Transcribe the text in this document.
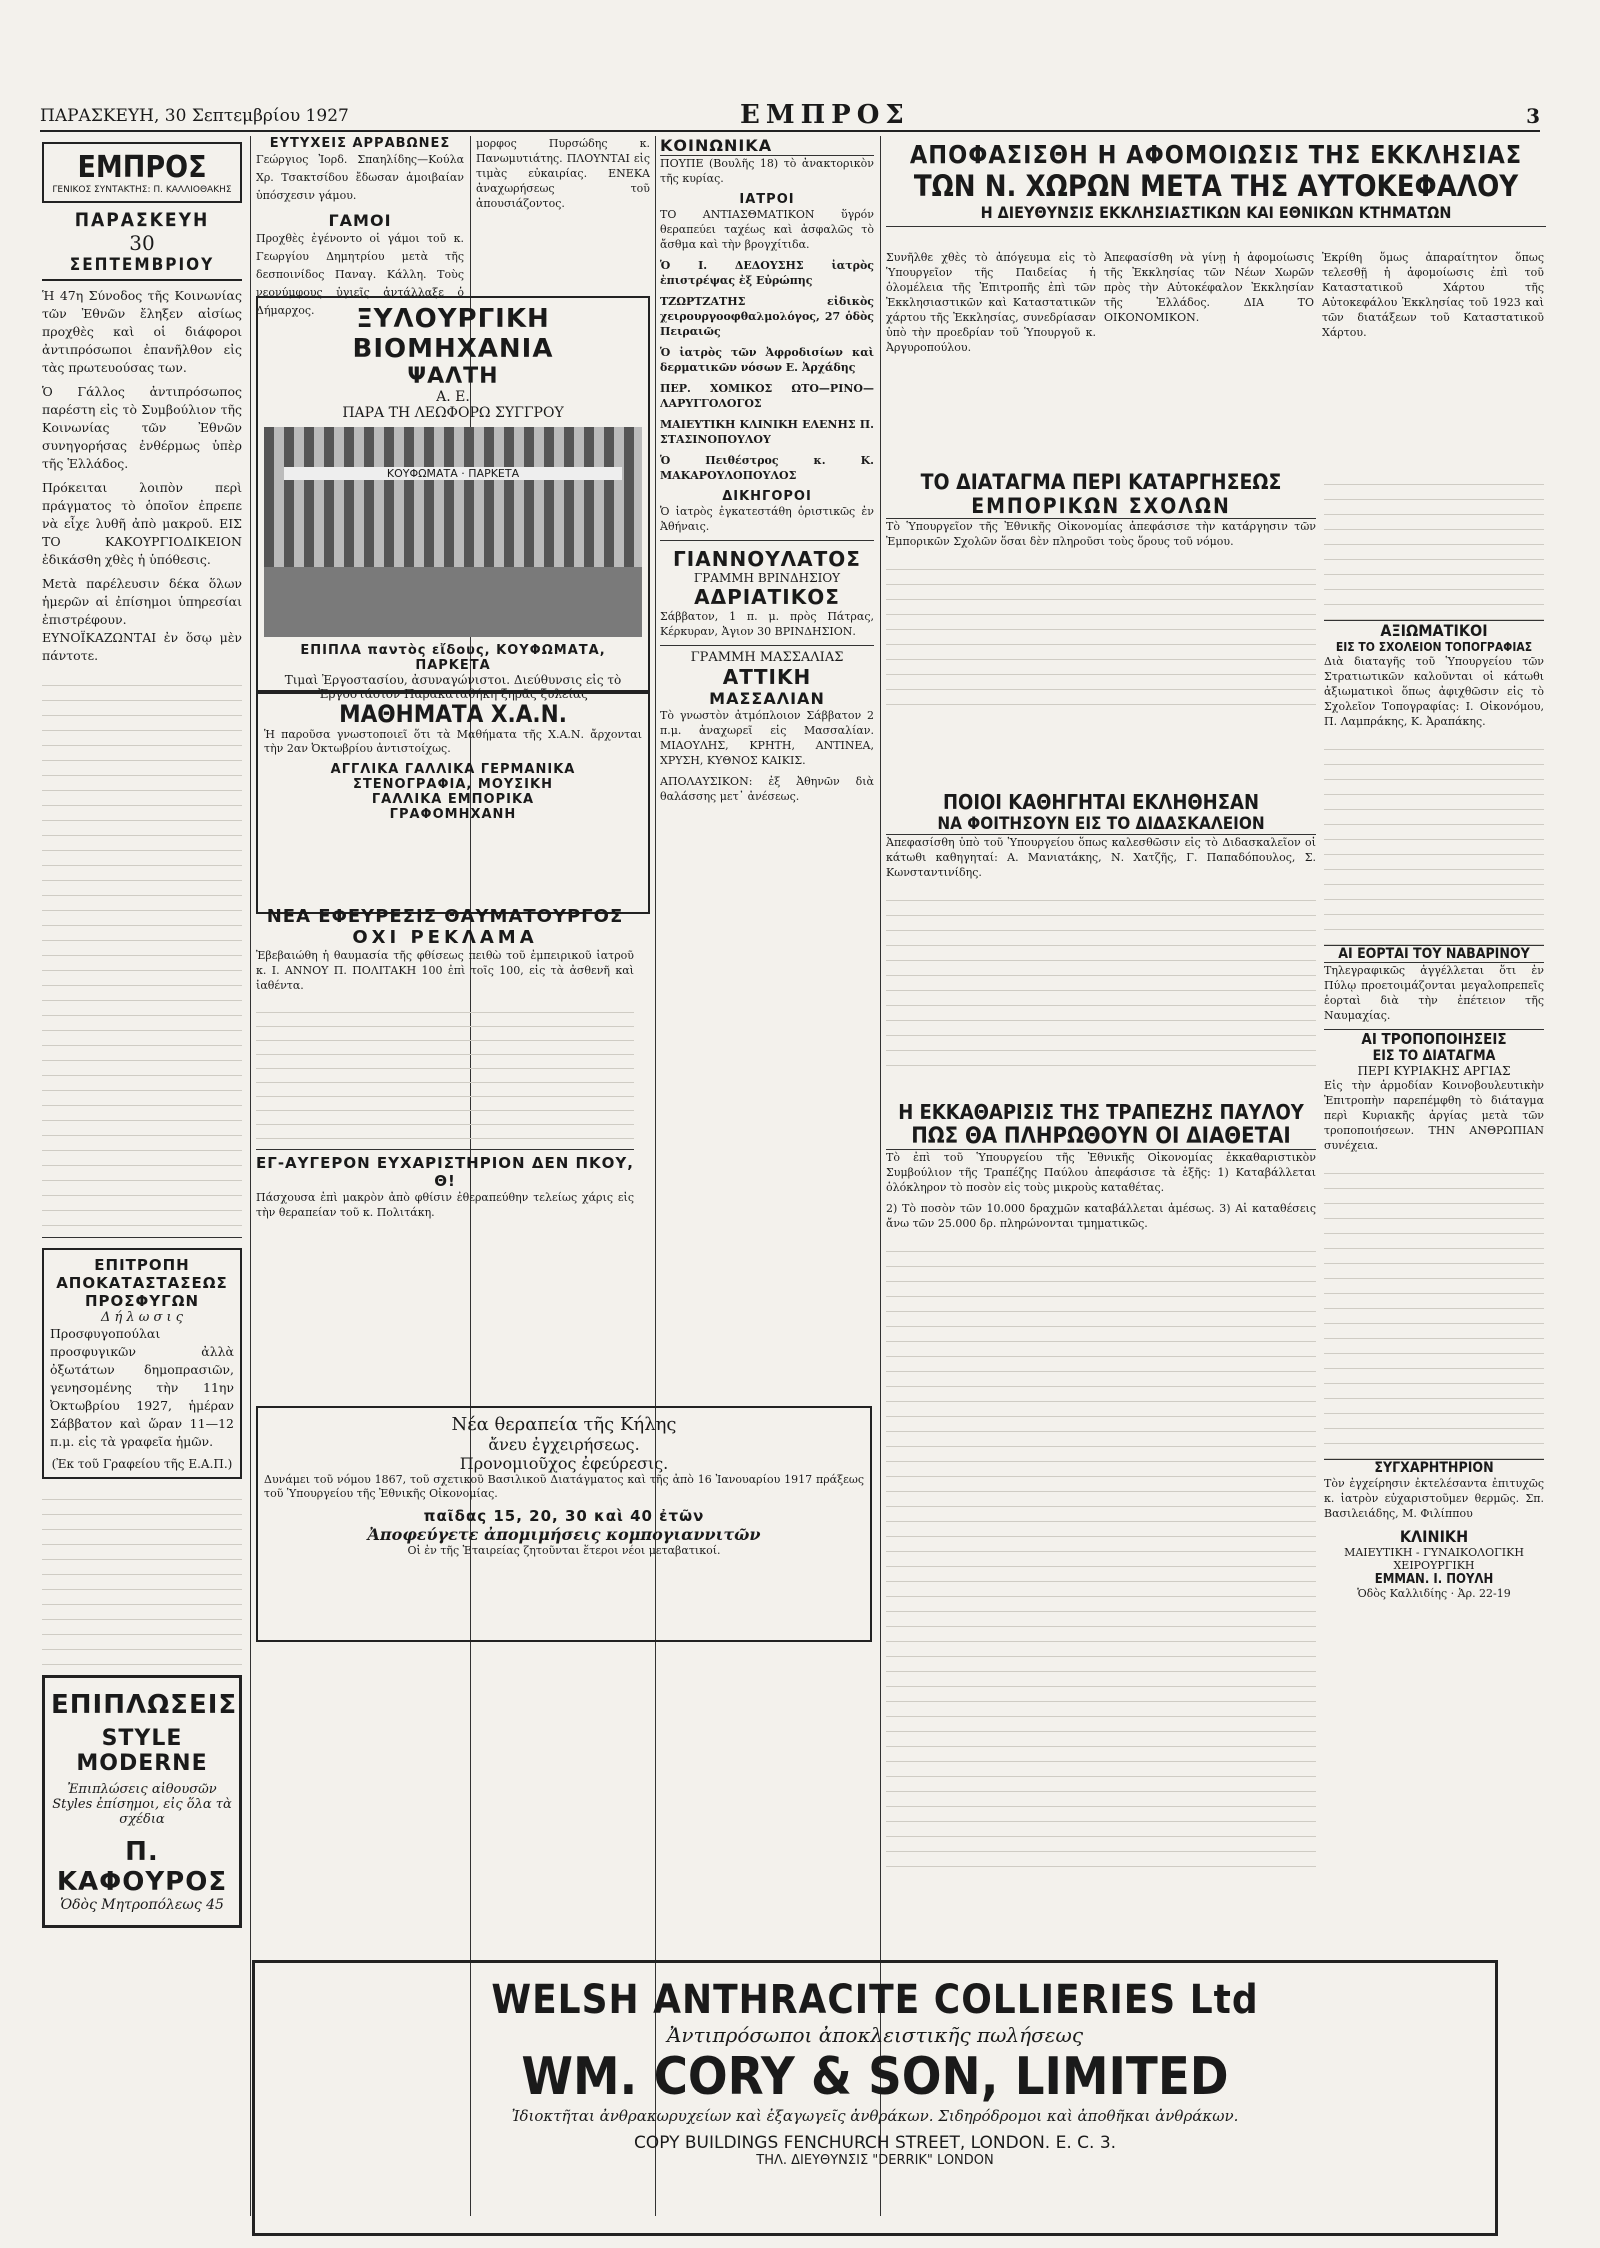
ΠΑΡΑΣΚΕΥΗ, 30 Σεπτεμβρίου 1927	ΕΜΠΡΟΣ	3
ΕΜΠΡΟΣ
ΓΕΝΙΚΟΣ ΣΥΝΤΑΚΤΗΣ: Π. ΚΑΛΛΙΟΘΑΚΗΣ
ΠΑΡΑΣΚΕΥΗ
30
ΣΕΠΤΕΜΒΡΙΟΥ

Ἡ 47η Σύνοδος τῆς Κοινωνίας τῶν Ἐθνῶν ἔληξεν αἰσίως προχθὲς καὶ οἱ διάφοροι ἀντιπρόσωποι ἐπανῆλθον εἰς τὰς πρωτευούσας των.

Ὁ Γάλλος ἀντιπρόσωπος παρέστη εἰς τὸ Συμβούλιον τῆς Κοινωνίας τῶν Ἐθνῶν συνηγορήσας ἐνθέρμως ὑπὲρ τῆς Ἑλλάδος.

Πρόκειται λοιπὸν περὶ πράγματος τὸ ὁποῖον ἐπρεπε νὰ εἶχε λυθῆ ἀπὸ μακροῦ. ΕΙΣ ΤΟ ΚΑΚΟΥΡΓΙΟΔΙΚΕΙΟΝ ἐδικάσθη χθὲς ἡ ὑπόθεσις.

Μετὰ παρέλευσιν δέκα ὅλων ἡμερῶν αἱ ἐπίσημοι ὑπηρεσίαι ἐπιστρέφουν. ΕΥΝΟΪΚΑΖΩΝΤΑΙ ἐν ὅσῳ μὲν πάντοτε.

ΕΠΙΤΡΟΠΗ ΑΠΟΚΑΤΑΣΤΑΣΕΩΣ ΠΡΟΣΦΥΓΩΝ
Δ ή λ ω σ ι ς

Προσφυγοπούλαι προσφυγικῶν ἀλλὰ ὀξωτάτων δημοπρασιῶν, γενησομένης τὴν 11ην Ὀκτωβρίου 1927, ἡμέραν Σάββατον καὶ ὥραν 11—12 π.μ. εἰς τὰ γραφεῖα ἡμῶν.

(Ἐκ τοῦ Γραφείου τῆς Ε.Α.Π.)
ΕΠΙΠΛΩΣΕΙΣ
STYLE MODERNE
Ἐπιπλώσεις αἰθουσῶν Styles ἐπίσημοι, εἰς ὅλα τὰ σχέδια
Π. ΚΑΦΟΥΡΟΣ
Ὁδὸς Μητροπόλεως 45
ΕΥΤΥΧΕΙΣ ΑΡΡΑΒΩΝΕΣ

Γεώργιος Ἰορδ. Σπαηλίδης—Κούλα Χρ. Τσακτσίδου ἔδωσαν ἀμοιβαίαν ὑπόσχεσιν γάμου.

ΓΑΜΟΙ

Προχθὲς ἐγένοντο οἱ γάμοι τοῦ κ. Γεωργίου Δημητρίου μετὰ τῆς δεσποινίδος Παναγ. Κάλλη. Τοὺς νεονύμφους ὑγιεῖς ἀντάλλαξε ὁ Δήμαρχος.	ΞΥΛΟΥΡΓΙΚΗ ΒΙΟΜΗΧΑΝΙΑ
ΨΑΛΤΗ
Α. Ε.
ΠΑΡΑ ΤΗ ΛΕΩΦΟΡΩ ΣΥΓΓΡΟΥ
ΚΟΥΦΩΜΑΤΑ · ΠΑΡΚΕΤΑ
ΕΠΙΠΛΑ παντὸς εἴδους, ΚΟΥΦΩΜΑΤΑ, ΠΑΡΚΕΤΑ
Τιμαὶ Ἐργοστασίου, ἀσυναγώνιστοι. Διεύθυνσις εἰς τὸ Ἐργοστάσιον Παρακαταθήκη ξηρᾶς ξυλείας
ΜΑΘΗΜΑΤΑ Χ.Α.Ν.

Ἡ παροῦσα γνωστοποιεῖ ὅτι τὰ Μαθήματα τῆς Χ.Α.Ν. ἄρχονται τὴν 2αν Ὀκτωβρίου ἀντιστοίχως.

ΑΓΓΛΙΚΑ ΓΑΛΛΙΚΑ ΓΕΡΜΑΝΙΚΑ
ΣΤΕΝΟΓΡΑΦΙΑ, ΜΟΥΣΙΚΗ
ΓΑΛΛΙΚΑ ΕΜΠΟΡΙΚΑ
ΓΡΑΦΟΜΗΧΑΝΗ
ΝΕΑ ΕΦΕΥΡΕΣΙΣ ΘΑΥΜΑΤΟΥΡΓΟΣ
ΟΧΙ ΡΕΚΛΑΜΑ

Ἐβεβαιώθη ἡ θαυμασία τῆς φθίσεως πειθὼ τοῦ ἐμπειρικοῦ ἰατροῦ κ. Ι. ΑΝΝΟΥ Π. ΠΟΛΙΤΑΚΗ 100 ἐπὶ τοῖς 100, εἰς τὰ ἀσθενῆ καὶ ἰαθέντα.

ΕΓ-ΑΥΓΕΡΟΝ ΕΥΧΑΡΙΣΤΗΡΙΟΝ ΔΕΝ ΠΚΟΥ, Θ!

Πάσχουσα ἐπὶ μακρὸν ἀπὸ φθίσιν ἐθεραπεύθην τελείως χάρις εἰς τὴν θεραπείαν τοῦ κ. Πολιτάκη.

Νέα θεραπεία τῆς Κήλης
ἄνευ ἐγχειρήσεως.
Προνομιοῦχος ἐφεύρεσις.

Δυνάμει τοῦ νόμου 1867, τοῦ σχετικοῦ Βασιλικοῦ Διατάγματος καὶ τῆς ἀπὸ 16 Ἰανουαρίου 1917 πράξεως τοῦ Ὑπουργείου τῆς Ἐθνικῆς Οἰκονομίας.

παῖδας 15, 20, 30 καὶ 40 ἐτῶν
Ἀποφεύγετε ἀπομιμήσεις κομπογιαννιτῶν
Οἱ ἐν τῆς Ἑταιρείας ζητοῦνται ἕτεροι νέοι μεταβατικοί.

μορφος Πυρσώδης κ. Πανωμυτιάτης. ΠΛΟΥΝΤΑΙ εἰς τιμὰς εὐκαιρίας. ΕΝΕΚΑ ἀναχωρήσεως τοῦ ἀπουσιάζοντος.

ΚΟΙΝΩΝΙΚΑ

ΠΟΥΠΕ (Βουλῆς 18) τὸ ἀνακτορικὸν τῆς κυρίας.

ΙΑΤΡΟΙ

ΤΟ ΑΝΤΙΑΣΘΜΑΤΙΚΟΝ ὕγρόν θεραπεύει ταχέως καὶ ἀσφαλῶς τὸ ἄσθμα καὶ τὴν βρογχίτιδα.

Ὁ Ι. ΔΕΔΟΥΣΗΣ ἰατρὸς ἐπιστρέψας ἐξ Εὐρώπης

ΤΖΩΡΤΖΑΤΗΣ εἰδικὸς χειρουργοοφθαλμολόγος, 27 ὁδὸς Πειραιῶς

Ὁ ἰατρὸς τῶν Ἀφροδισίων καὶ δερματικῶν νόσων Ε. Ἀρχάδης

ΠΕΡ. ΧΟΜΙΚΟΣ ΩΤΟ—ΡΙΝΟ—ΛΑΡΥΓΓΟΛΟΓΟΣ

ΜΑΙΕΥΤΙΚΗ ΚΛΙΝΙΚΗ ΕΛΕΝΗΣ Π. ΣΤΑΣΙΝΟΠΟΥΛΟΥ

Ὁ Πειθέστρος κ. Κ. ΜΑΚΑΡΟΥΛΟΠΟΥΛΟΣ

ΔΙΚΗΓΟΡΟΙ

Ὁ ἰατρὸς ἐγκατεστάθη ὁριστικῶς ἐν Ἀθήναις.

ΓΙΑΝΝΟΥΛΑΤΟΣ
ΓΡΑΜΜΗ ΒΡΙΝΔΗΣΙΟΥ
ΑΔΡΙΑΤΙΚΟΣ

Σάββατον, 1 π. μ. πρὸς Πάτρας, Κέρκυραν, Ἀγιον 30 ΒΡΙΝΔΗΣΙΟΝ.

ΓΡΑΜΜΗ ΜΑΣΣΑΛΙΑΣ
ΑΤΤΙΚΗ
ΜΑΣΣΑΛΙΑΝ

Τὸ γνωστὸν ἀτμόπλοιον Σάββατον 2 π.μ. ἀναχωρεῖ εἰς Μασσαλίαν. ΜΙΑΟΥΛΗΣ, ΚΡΗΤΗ, ΑΝΤΙΝΕΑ, ΧΡΥΣΗ, ΚΥΘΝΟΣ ΚΑΙΚΙΣ.

ΑΠΟΛΑΥΣΙΚΟΝ: ἐξ Ἀθηνῶν διὰ θαλάσσης μετ᾽ ἀνέσεως.

ΑΠΟΦΑΣΙΣΘΗ Η ΑΦΟΜΟΙΩΣΙΣ ΤΗΣ ΕΚΚΛΗΣΙΑΣ
ΤΩΝ Ν. ΧΩΡΩΝ ΜΕΤΑ ΤΗΣ ΑΥΤΟΚΕΦΑΛΟΥ
Η ΔΙΕΥΘΥΝΣΙΣ ΕΚΚΛΗΣΙΑΣΤΙΚΩΝ ΚΑΙ ΕΘΝΙΚΩΝ ΚΤΗΜΑΤΩΝ

Συνῆλθε χθὲς τὸ ἀπόγευμα εἰς τὸ Ὑπουργεῖον τῆς Παιδείας ἡ ὁλομέλεια τῆς Ἐπιτροπῆς ἐπὶ τῶν Ἐκκλησιαστικῶν καὶ Καταστατικῶν χάρτου τῆς Ἐκκλησίας, συνεδρίασαν ὑπὸ τὴν προεδρίαν τοῦ Ὑπουργοῦ κ. Ἀργυροπούλου.

Ἀπεφασίσθη νὰ γίνῃ ἡ ἀφομοίωσις τῆς Ἐκκλησίας τῶν Νέων Χωρῶν πρὸς τὴν Αὐτοκέφαλον Ἐκκλησίαν τῆς Ἑλλάδος. ΔΙΑ ΤΟ ΟΙΚΟΝΟΜΙΚΟΝ.

Ἐκρίθη ὅμως ἀπαραίτητον ὅπως τελεσθῇ ἡ ἀφομοίωσις ἐπὶ τοῦ Καταστατικοῦ Χάρτου τῆς Αὐτοκεφάλου Ἐκκλησίας τοῦ 1923 καὶ τῶν διατάξεων τοῦ Καταστατικοῦ Χάρτου.

ΤΟ ΔΙΑΤΑΓΜΑ ΠΕΡΙ ΚΑΤΑΡΓΗΣΕΩΣ
ΕΜΠΟΡΙΚΩΝ ΣΧΟΛΩΝ

Τὸ Ὑπουργεῖον τῆς Ἐθνικῆς Οἰκονομίας ἀπεφάσισε τὴν κατάργησιν τῶν Ἐμπορικῶν Σχολῶν ὅσαι δὲν πληροῦσι τοὺς ὅρους τοῦ νόμου.

ΠΟΙΟΙ ΚΑΘΗΓΗΤΑΙ ΕΚΛΗΘΗΣΑΝ
ΝΑ ΦΟΙΤΗΣΟΥΝ ΕΙΣ ΤΟ ΔΙΔΑΣΚΑΛΕΙΟΝ

Ἀπεφασίσθη ὑπὸ τοῦ Ὑπουργείου ὅπως καλεσθῶσιν εἰς τὸ Διδασκαλεῖον οἱ κάτωθι καθηγηταί: Α. Μανιατάκης, Ν. Χατζῆς, Γ. Παπαδόπουλος, Σ. Κωνσταντινίδης.

Η ΕΚΚΑΘΑΡΙΣΙΣ ΤΗΣ ΤΡΑΠΕΖΗΣ ΠΑΥΛΟΥ
ΠΩΣ ΘΑ ΠΛΗΡΩΘΟΥΝ ΟΙ ΔΙΑΘΕΤΑΙ

Τὸ ἐπὶ τοῦ Ὑπουργείου τῆς Ἐθνικῆς Οἰκονομίας ἐκκαθαριστικὸν Συμβούλιον τῆς Τραπέζης Παύλου ἀπεφάσισε τὰ ἑξῆς: 1) Καταβάλλεται ὁλόκληρον τὸ ποσὸν εἰς τοὺς μικροὺς καταθέτας.

2) Τὸ ποσὸν τῶν 10.000 δραχμῶν καταβάλλεται ἀμέσως. 3) Αἱ καταθέσεις ἄνω τῶν 25.000 δρ. πληρώνονται τμηματικῶς.

ΑΞΙΩΜΑΤΙΚΟΙ
ΕΙΣ ΤΟ ΣΧΟΛΕΙΟΝ ΤΟΠΟΓΡΑΦΙΑΣ

Διὰ διαταγῆς τοῦ Ὑπουργείου τῶν Στρατιωτικῶν καλοῦνται οἱ κάτωθι ἀξιωματικοὶ ὅπως ἀφιχθῶσιν εἰς τὸ Σχολεῖον Τοπογραφίας: Ι. Οἰκονόμου, Π. Λαμπράκης, Κ. Ἀραπάκης.

ΑΙ ΕΟΡΤΑΙ ΤΟΥ ΝΑΒΑΡΙΝΟΥ

Τηλεγραφικῶς ἀγγέλλεται ὅτι ἐν Πύλῳ προετοιμάζονται μεγαλοπρεπεῖς ἑορταὶ διὰ τὴν ἐπέτειον τῆς Ναυμαχίας.

ΑΙ ΤΡΟΠΟΠΟΙΗΣΕΙΣ
ΕΙΣ ΤΟ ΔΙΑΤΑΓΜΑ
ΠΕΡΙ ΚΥΡΙΑΚΗΣ ΑΡΓΙΑΣ

Εἰς τὴν ἀρμοδίαν Κοινοβουλευτικὴν Ἐπιτροπὴν παρεπέμφθη τὸ διάταγμα περὶ Κυριακῆς ἀργίας μετὰ τῶν τροποποιήσεων. ΤΗΝ ΑΝΘΡΩΠΙΑΝ συνέχεια.

ΣΥΓΧΑΡΗΤΗΡΙΟΝ

Τὸν ἐγχείρησιν ἐκτελέσαντα ἐπιτυχῶς κ. ἰατρὸν εὐχαριστοῦμεν θερμῶς. Σπ. Βασιλειάδης, Μ. Φιλίππου

ΚΛΙΝΙΚΗ
ΜΑΙΕΥΤΙΚΗ - ΓΥΝΑΙΚΟΛΟΓΙΚΗ ΧΕΙΡΟΥΡΓΙΚΗ
ΕΜΜΑΝ. Ι. ΠΟΥΛΗ
Ὁδὸς Καλλιδίης · Ἀρ. 22-19
WELSH ANTHRACITE COLLIERIES Ltd
Ἀντιπρόσωποι ἀποκλειστικῆς πωλήσεως
WM. CORY & SON, LIMITED
Ἰδιοκτῆται ἀνθρακωρυχείων καὶ ἐξαγωγεῖς ἀνθράκων. Σιδηρόδρομοι καὶ ἀποθῆκαι ἀνθράκων.
COPY BUILDINGS FENCHURCH STREET, LONDON. E. C. 3.
ΤΗΛ. ΔΙΕΥΘΥΝΣΙΣ "DERRIK" LONDON
